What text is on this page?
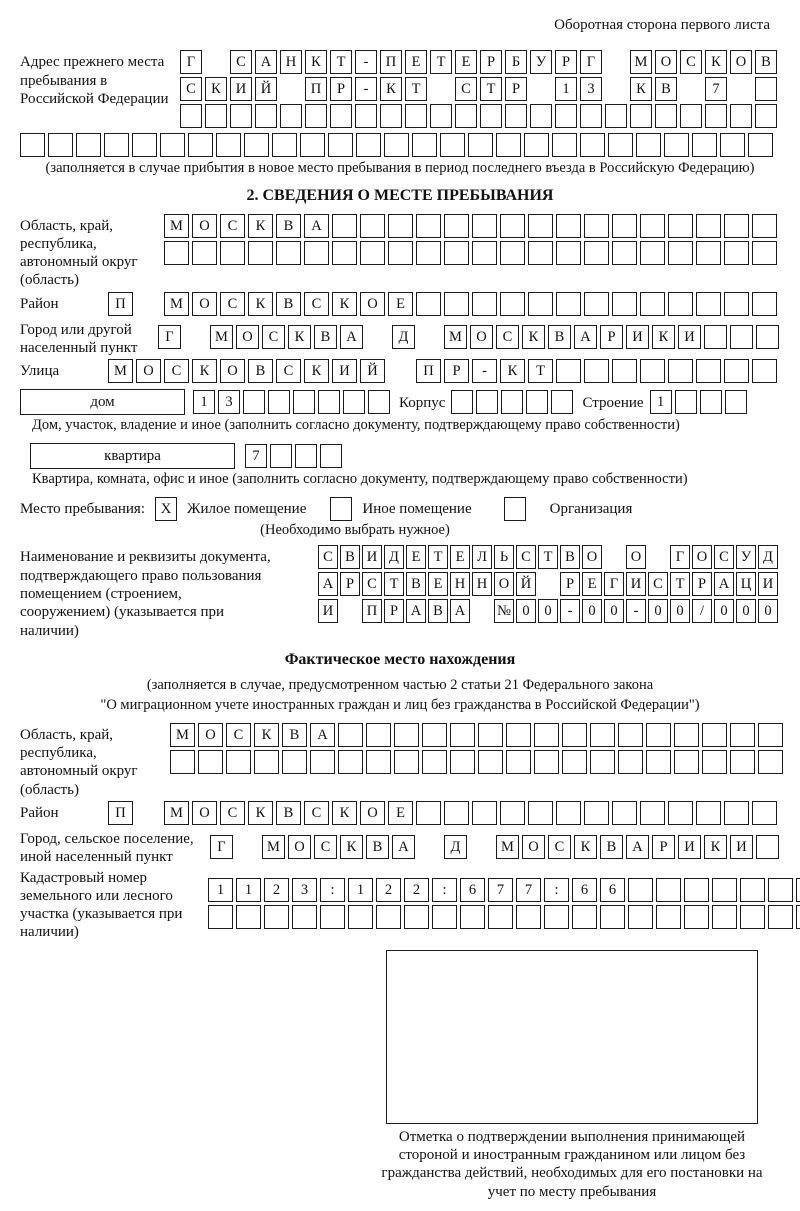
Оборотная сторона первого листа
Адрес прежнего места пребывания в Российской Федерации
Г	С	А	Н	К	Т	-	П	Е	Т	Е	Р	Б	У	Р	Г	М О	С	К	О	В
С	К	И	Й	П	Р	-	К	Т	С	Т	Р	1	3	К	В	7
(заполняется в случае прибытия в новое место пребывания в период последнего въезда в Российскую Федерацию)
2. СВЕДЕНИЯ О МЕСТЕ ПРЕБЫВАНИЯ
Область, край, республика, автономный округ (область)
М	О	С	К	В	А
Район	П	М	О	С	К	В	С	К	О	Е
Город или другой населенный пункт
Г	М О	С	К	В	А	Д	М О	С	К	В	А	Р	И	К	И
Улица	М	О	С	К	О	В	С	К	И	Й	П	Р	-	К	Т
дом	1	3	Корпус	Строение 1
Дом, участок, владение и иное (заполнить согласно документу, подтверждающему право собственности)
квартира	7
Квартира, комната, офис и иное (заполнить согласно документу, подтверждающему право собственности)
Место пребывания:	X	Жилое помещение	Иное помещение	Организация
(Необходимо выбрать нужное)
Наименование и реквизиты документа, подтверждающего право пользования помещением (строением, сооружением) (указывается при наличии)
С В И Д Е Т Е Л Ь С Т В О	О	Г О С У Д
А Р С Т В Е Н Н О Й	Р Е Г И С Т Р А Ц И
И	П Р А В А	№ 0	0	-	0	0	-	0	0	/	0	0	0
Фактическое место нахождения
(заполняется в случае, предусмотренном частью 2 статьи 21 Федерального закона
"О миграционном учете иностранных граждан и лиц без гражданства в Российской Федерации")
Область, край, республика, автономный округ (область)
М	О	С	К	В	А
Район	П	М	О	С	К	В	С	К	О	Е
Город, сельское поселение, иной населенный пункт
Г	М О	С	К	В	А	Д	М О	С	К	В	А	Р	И	К	И
Кадастровый номер земельного или лесного участка (указывается при наличии)
1	1	2	3	:	1	2	2	:	6	7	7	:	6	6
Отметка о подтверждении выполнения принимающей стороной и иностранным гражданином или лицом без гражданства действий, необходимых для его постановки на учет по месту пребывания
